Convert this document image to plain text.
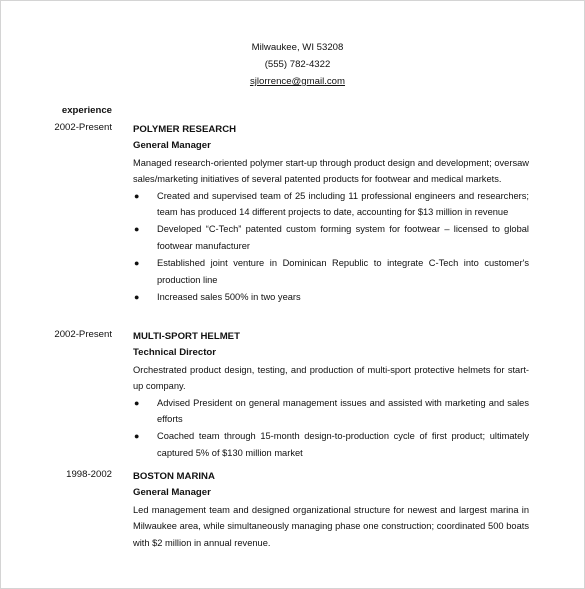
Milwaukee, WI 53208
(555) 782-4322
sjlorrence@gmail.com
experience
2002-Present POLYMER RESEARCH
General Manager
Managed research-oriented polymer start-up through product design and development; oversaw sales/marketing initiatives of several patented products for footwear and medical markets.
● Created and supervised team of 25 including 11 professional engineers and researchers; team has produced 14 different projects to date, accounting for $13 million in revenue
● Developed “C-Tech” patented custom forming system for footwear – licensed to global footwear manufacturer
● Established joint venture in Dominican Republic to integrate C-Tech into customer's production line
● Increased sales 500% in two years
2002-Present MULTI-SPORT HELMET
Technical Director
Orchestrated product design, testing, and production of multi-sport protective helmets for start-up company.
● Advised President on general management issues and assisted with marketing and sales efforts
● Coached team through 15-month design-to-production cycle of first product; ultimately captured 5% of $130 million market
1998-2002 BOSTON MARINA
General Manager
Led management team and designed organizational structure for newest and largest marina in Milwaukee area, while simultaneously managing phase one construction; coordinated 500 boats with $2 million in annual revenue.
